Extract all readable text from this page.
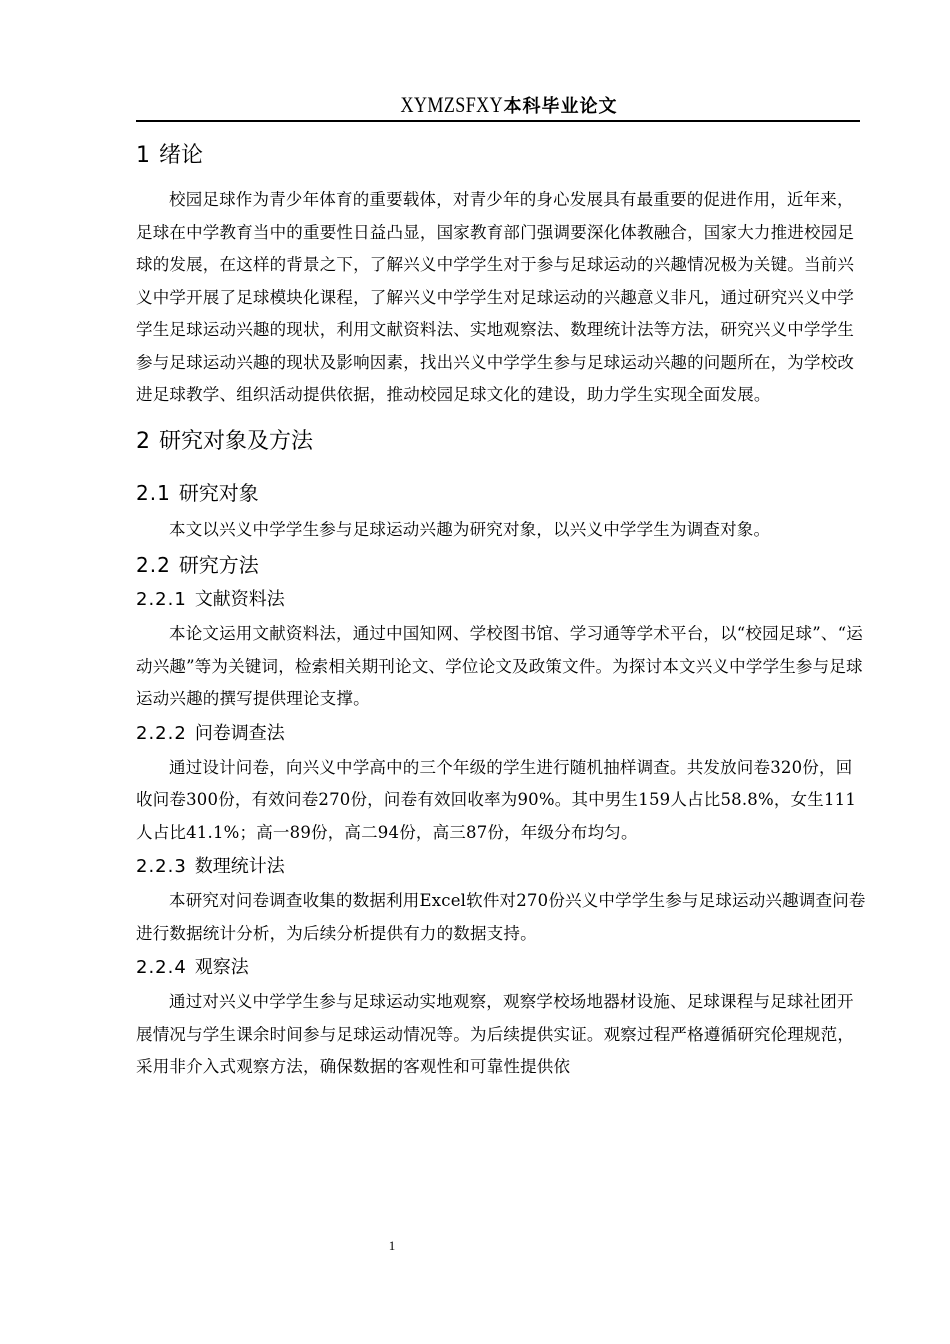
XYMZSFXY本科毕业论文
1 绪论

校园足球作为青少年体育的重要载体，对青少年的身心发展具有最重要的促进作用，近年来，足球在中学教育当中的重要性日益凸显，国家教育部门强调要深化体教融合，国家大力推进校园足球的发展，在这样的背景之下，了解兴义中学学生对于参与足球运动的兴趣情况极为关键。当前兴义中学开展了足球模块化课程，了解兴义中学学生对足球运动的兴趣意义非凡，通过研究兴义中学学生足球运动兴趣的现状，利用文献资料法、实地观察法、数理统计法等方法，研究兴义中学学生参与足球运动兴趣的现状及影响因素，找出兴义中学学生参与足球运动兴趣的问题所在，为学校改进足球教学、组织活动提供依据，推动校园足球文化的建设，助力学生实现全面发展。

2 研究对象及方法
2.1 研究对象

本文以兴义中学学生参与足球运动兴趣为研究对象，以兴义中学学生为调查对象。

2.2 研究方法
2.2.1 文献资料法

本论文运用文献资料法，通过中国知网、学校图书馆、学习通等学术平台，以“校园足球”、“运动兴趣”等为关键词，检索相关期刊论文、学位论文及政策文件。为探讨本文兴义中学学生参与足球运动兴趣的撰写提供理论支撑。

2.2.2 问卷调查法

通过设计问卷，向兴义中学高中的三个年级的学生进行随机抽样调查。共发放问卷320份，回收问卷300份，有效问卷270份，问卷有效回收率为90%。其中男生159人占比58.8%，女生111人占比41.1%；高一89份，高二94份，高三87份，年级分布均匀。

2.2.3 数理统计法

本研究对问卷调查收集的数据利用Excel软件对270份兴义中学学生参与足球运动兴趣调查问卷进行数据统计分析，为后续分析提供有力的数据支持。

2.2.4 观察法

通过对兴义中学学生参与足球运动实地观察，观察学校场地器材设施、足球课程与足球社团开展情况与学生课余时间参与足球运动情况等。为后续提供实证。观察过程严格遵循研究伦理规范，采用非介入式观察方法，确保数据的客观性和可靠性提供依

1
